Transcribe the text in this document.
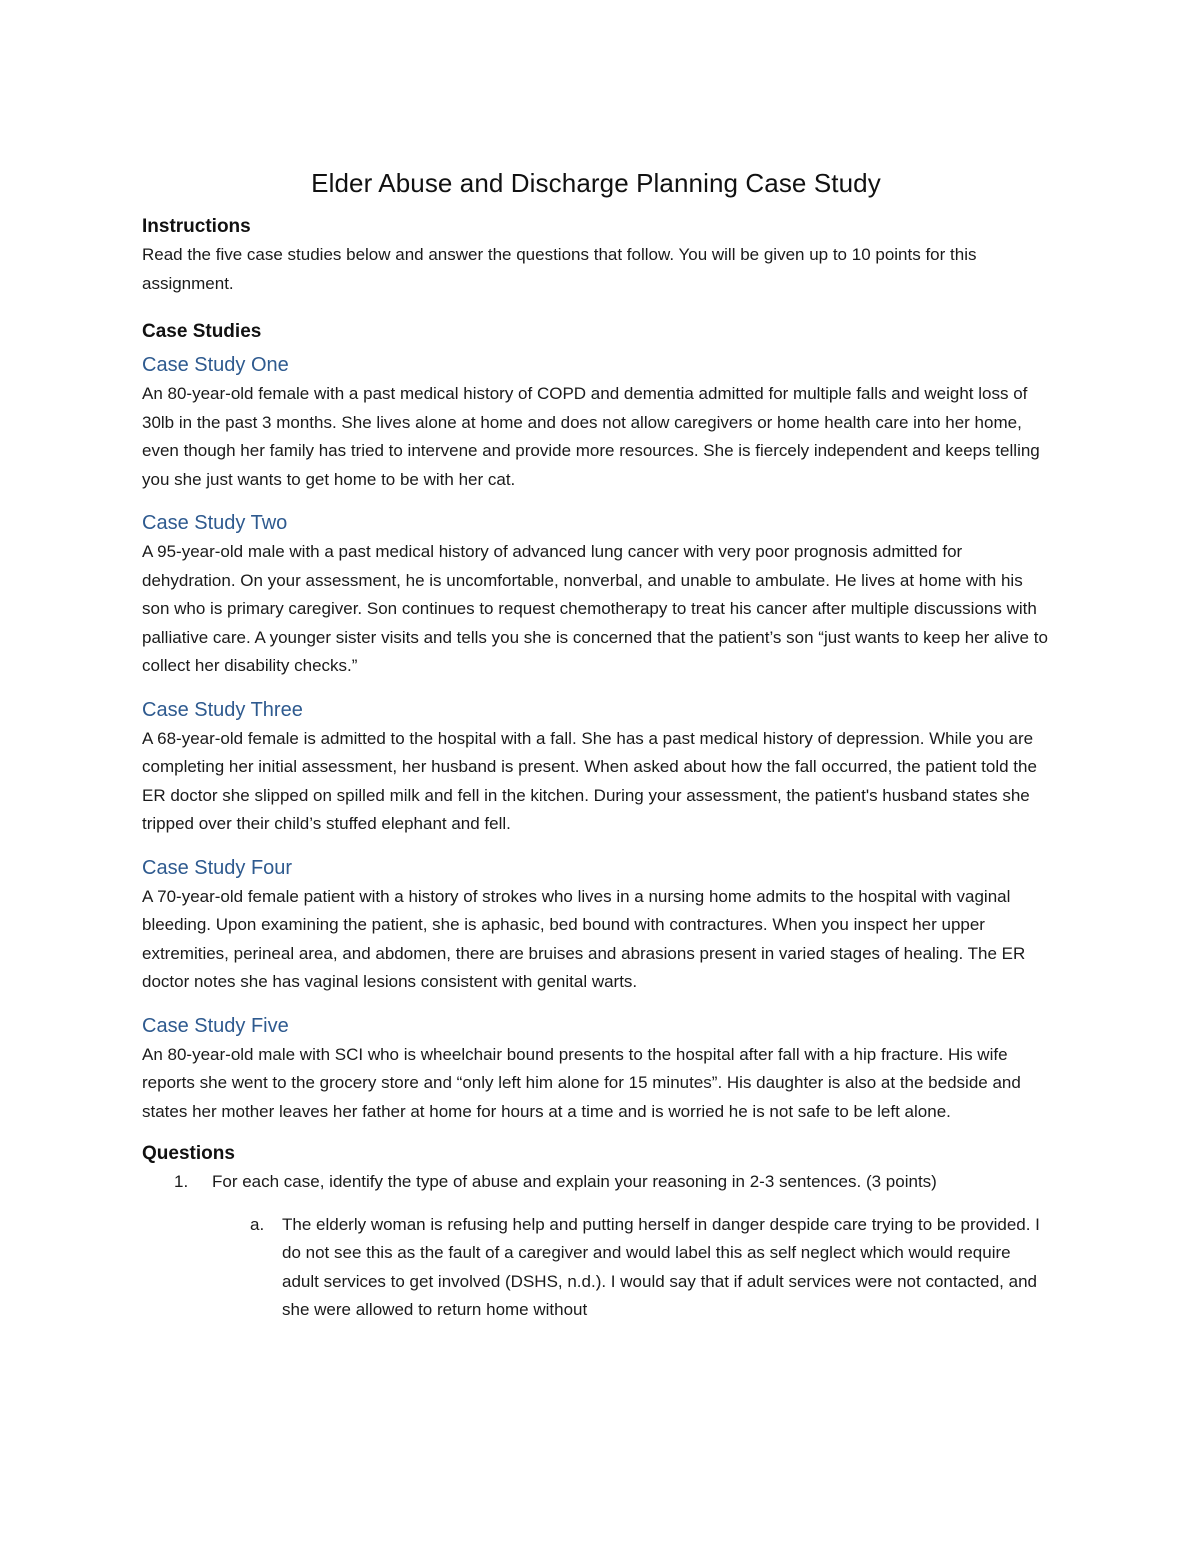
Elder Abuse and Discharge Planning Case Study
Instructions

Read the five case studies below and answer the questions that follow. You will be given up to 10 points for this assignment.

Case Studies
Case Study One

An 80-year-old female with a past medical history of COPD and dementia admitted for multiple falls and weight loss of 30lb in the past 3 months. She lives alone at home and does not allow caregivers or home health care into her home, even though her family has tried to intervene and provide more resources. She is fiercely independent and keeps telling you she just wants to get home to be with her cat.

Case Study Two

A 95-year-old male with a past medical history of advanced lung cancer with very poor prognosis admitted for dehydration. On your assessment, he is uncomfortable, nonverbal, and unable to ambulate. He lives at home with his son who is primary caregiver. Son continues to request chemotherapy to treat his cancer after multiple discussions with palliative care. A younger sister visits and tells you she is concerned that the patient’s son “just wants to keep her alive to collect her disability checks.”

Case Study Three

A 68-year-old female is admitted to the hospital with a fall. She has a past medical history of depression. While you are completing her initial assessment, her husband is present. When asked about how the fall occurred, the patient told the ER doctor she slipped on spilled milk and fell in the kitchen. During your assessment, the patient's husband states she tripped over their child’s stuffed elephant and fell.

Case Study Four

A 70-year-old female patient with a history of strokes who lives in a nursing home admits to the hospital with vaginal bleeding. Upon examining the patient, she is aphasic, bed bound with contractures. When you inspect her upper extremities, perineal area, and abdomen, there are bruises and abrasions present in varied stages of healing. The ER doctor notes she has vaginal lesions consistent with genital warts.

Case Study Five

An 80-year-old male with SCI who is wheelchair bound presents to the hospital after fall with a hip fracture. His wife reports she went to the grocery store and “only left him alone for 15 minutes”. His daughter is also at the bedside and states her mother leaves her father at home for hours at a time and is worried he is not safe to be left alone.

Questions
1.	For each case, identify the type of abuse and explain your reasoning in 2-3 sentences. (3 points)
a.	The elderly woman is refusing help and putting herself in danger despide care trying to be provided. I do not see this as the fault of a caregiver and would label this as self neglect which would require adult services to get involved (DSHS, n.d.). I would say that if adult services were not contacted, and she were allowed to return home without
